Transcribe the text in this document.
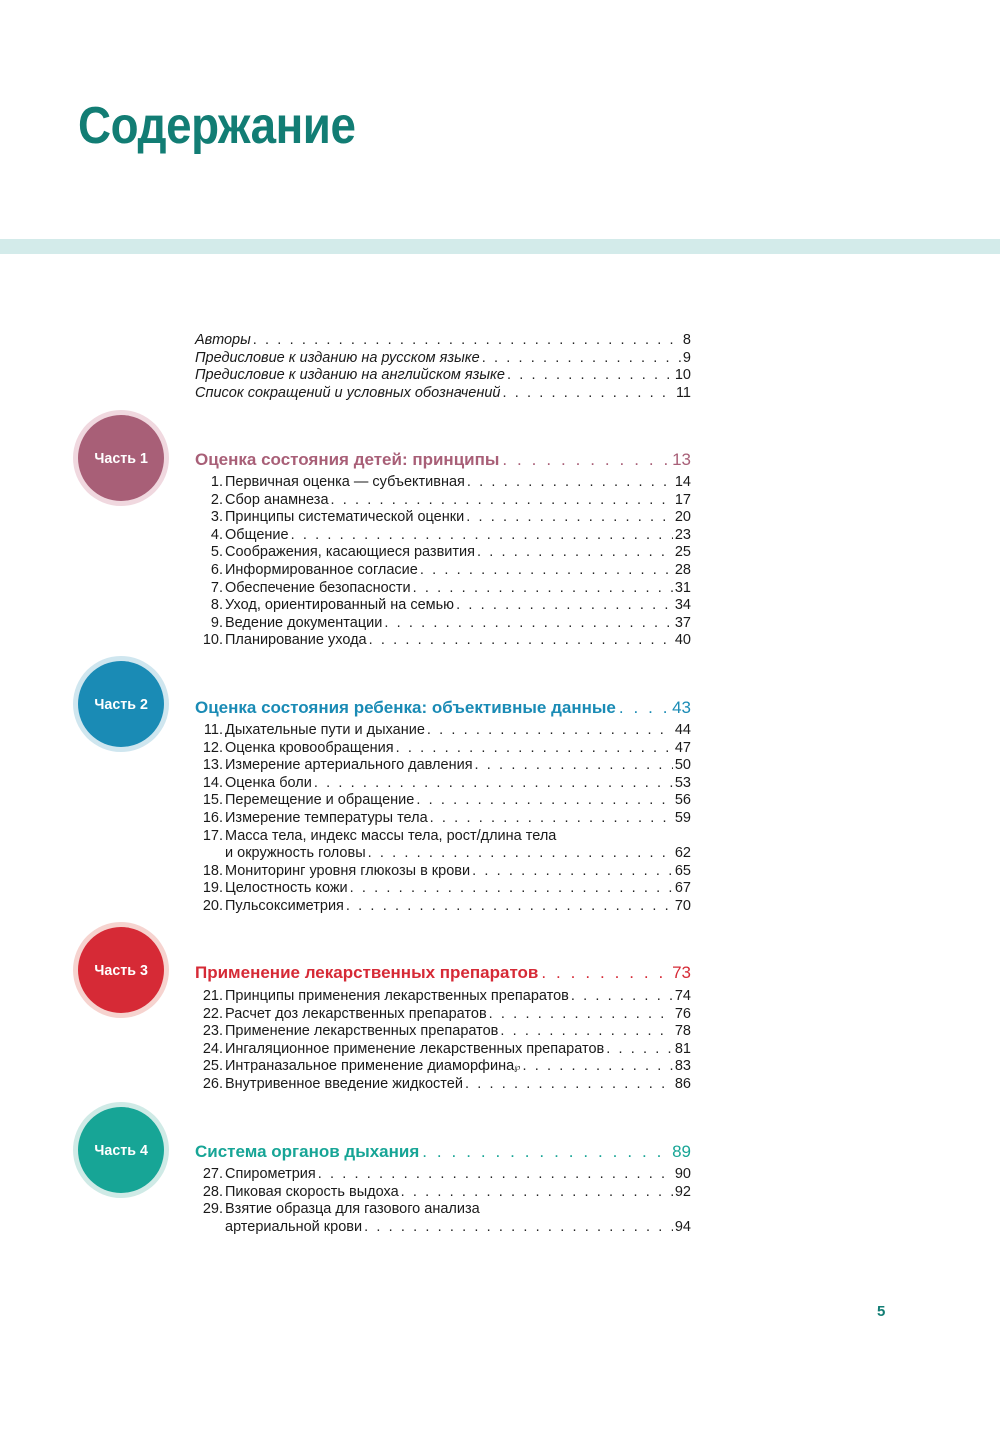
Содержание
Авторы . . .	8
Предисловие к изданию на русском языке . . .	9
Предисловие к изданию на английском языке . . .	10
Список сокращений и условных обозначений . . .	11
Часть 1	Оценка состояния детей: принципы . . .	13
1. Первичная оценка — субъективная . . .	14
2. Сбор анамнеза . . .	17
3. Принципы систематической оценки . . .	20
4. Общение . . .	23
5. Соображения, касающиеся развития . . .	25
6. Информированное согласие . . .	28
7. Обеспечение безопасности . . .	31
8. Уход, ориентированный на семью . . .	34
9. Ведение документации . . .	37
10. Планирование ухода . . .	40
Часть 2	Оценка состояния ребенка: объективные данные . . .	43
11. Дыхательные пути и дыхание . . .	44
12. Оценка кровообращения . . .	47
13. Измерение артериального давления . . .	50
14. Оценка боли . . .	53
15. Перемещение и обращение . . .	56
16. Измерение температуры тела . . .	59
17. Масса тела, индекс массы тела, рост/длина тела
и окружность головы . . .	62
18. Мониторинг уровня глюкозы в крови . . .	65
19. Целостность кожи . . .	67
20. Пульсоксиметрия . . .	70
Часть 3	Применение лекарственных препаратов . . .	73
21. Принципы применения лекарственных препаратов . . .	74
22. Расчет доз лекарственных препаратов . . .	76
23. Применение лекарственных препаратов . . .	78
24. Ингаляционное применение лекарственных препаратов . . .	81
25. Интраназальное применение диаморфина ℘ . . .	83
26. Внутривенное введение жидкостей . . .	86
Часть 4	Система органов дыхания . . .	89
27. Спирометрия . . .	90
28. Пиковая скорость выдоха . . .	92
29. Взятие образца для газового анализа
артериальной крови . . .	94
5
